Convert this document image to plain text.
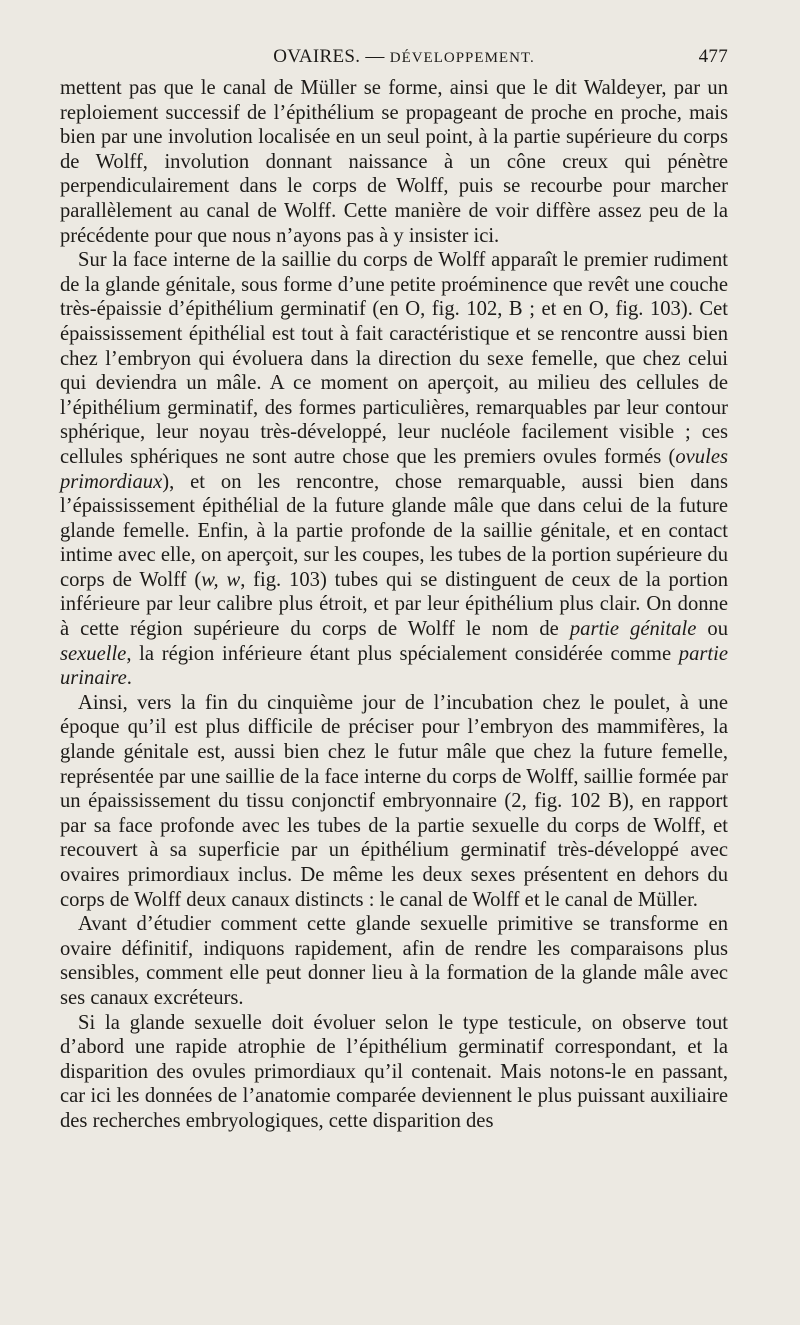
OVAIRES. — DÉVELOPPEMENT.	477

mettent pas que le canal de Müller se forme, ainsi que le dit Waldeyer, par un reploiement successif de l’épithélium se propageant de proche en proche, mais bien par une involution localisée en un seul point, à la partie supérieure du corps de Wolff, involution donnant naissance à un cône creux qui pénètre perpendiculairement dans le corps de Wolff, puis se recourbe pour marcher parallèlement au canal de Wolff. Cette manière de voir diffère assez peu de la précédente pour que nous n’ayons pas à y insister ici.

Sur la face interne de la saillie du corps de Wolff apparaît le premier rudiment de la glande génitale, sous forme d’une petite proéminence que revêt une couche très-épaissie d’épithélium germinatif (en O, fig. 102, B ; et en O, fig. 103). Cet épaississement épithélial est tout à fait caractéristique et se rencontre aussi bien chez l’embryon qui évoluera dans la direction du sexe femelle, que chez celui qui deviendra un mâle. A ce moment on aperçoit, au milieu des cellules de l’épithélium germinatif, des formes particulières, remarquables par leur contour sphérique, leur noyau très-développé, leur nucléole facilement visible ; ces cellules sphériques ne sont autre chose que les premiers ovules formés (ovules primordiaux), et on les rencontre, chose remarquable, aussi bien dans l’épaississement épithélial de la future glande mâle que dans celui de la future glande femelle. Enfin, à la partie profonde de la saillie génitale, et en contact intime avec elle, on aperçoit, sur les coupes, les tubes de la portion supérieure du corps de Wolff (w, w, fig. 103) tubes qui se distinguent de ceux de la portion inférieure par leur calibre plus étroit, et par leur épithélium plus clair. On donne à cette région supérieure du corps de Wolff le nom de partie génitale ou sexuelle, la région inférieure étant plus spécialement considérée comme partie urinaire.

Ainsi, vers la fin du cinquième jour de l’incubation chez le poulet, à une époque qu’il est plus difficile de préciser pour l’embryon des mammifères, la glande génitale est, aussi bien chez le futur mâle que chez la future femelle, représentée par une saillie de la face interne du corps de Wolff, saillie formée par un épaississement du tissu conjonctif embryonnaire (2, fig. 102 B), en rapport par sa face profonde avec les tubes de la partie sexuelle du corps de Wolff, et recouvert à sa superficie par un épithélium germinatif très-développé avec ovaires primordiaux inclus. De même les deux sexes présentent en dehors du corps de Wolff deux canaux distincts : le canal de Wolff et le canal de Müller.

Avant d’étudier comment cette glande sexuelle primitive se transforme en ovaire définitif, indiquons rapidement, afin de rendre les comparaisons plus sensibles, comment elle peut donner lieu à la formation de la glande mâle avec ses canaux excréteurs.

Si la glande sexuelle doit évoluer selon le type testicule, on observe tout d’abord une rapide atrophie de l’épithélium germinatif correspondant, et la disparition des ovules primordiaux qu’il contenait. Mais notons-le en passant, car ici les données de l’anatomie comparée deviennent le plus puissant auxiliaire des recherches embryologiques, cette disparition des
